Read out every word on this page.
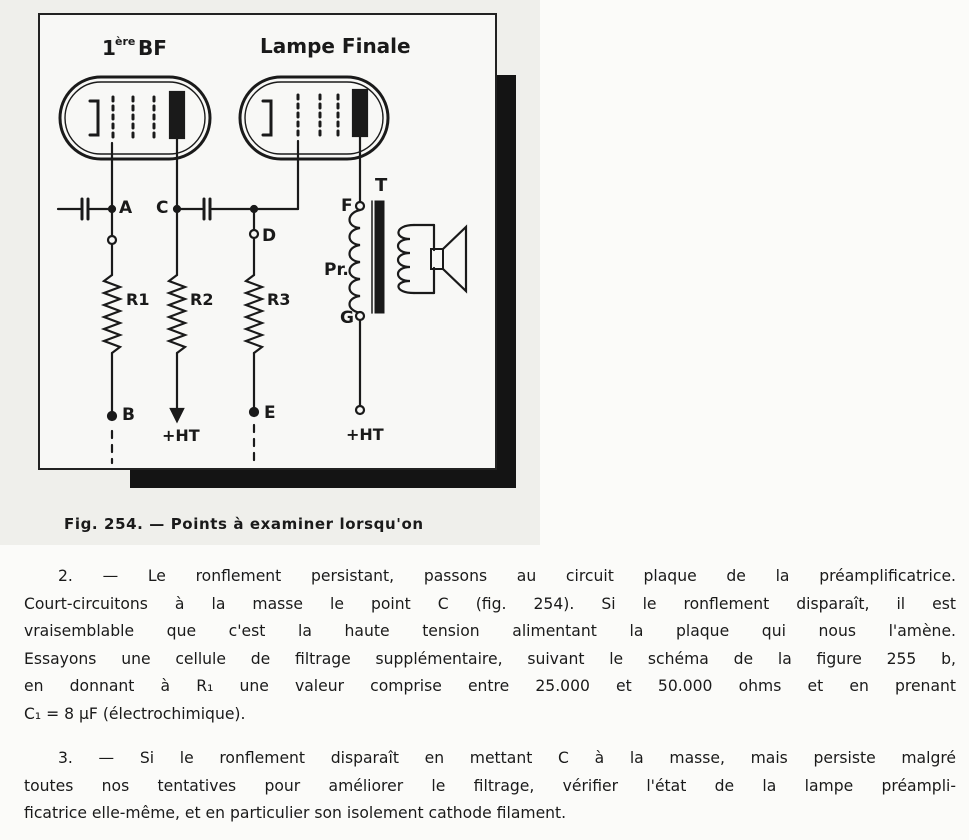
1 ère BF	Lampe Finale
A
B
C
D
E
F
G
T
R1	R2	R3
Pr.
+HT	+HT
Fig. 254. — Points à examiner lorsqu'on
2. — Le ronflement persistant, passons au circuit plaque de la préamplificatrice.
Court-circuitons à la masse le point C (fig. 254). Si le ronflement disparaît, il est
vraisemblable que c'est la haute tension alimentant la plaque qui nous l'amène.
Essayons une cellule de filtrage supplémentaire, suivant le schéma de la figure 255 b,
en donnant à R₁ une valeur comprise entre 25.000 et 50.000 ohms et en prenant
C₁ = 8 μF (électrochimique).
3. — Si le ronflement disparaît en mettant C à la masse, mais persiste malgré
toutes nos tentatives pour améliorer le filtrage, vérifier l'état de la lampe préampli-
ficatrice elle-même, et en particulier son isolement cathode filament.
